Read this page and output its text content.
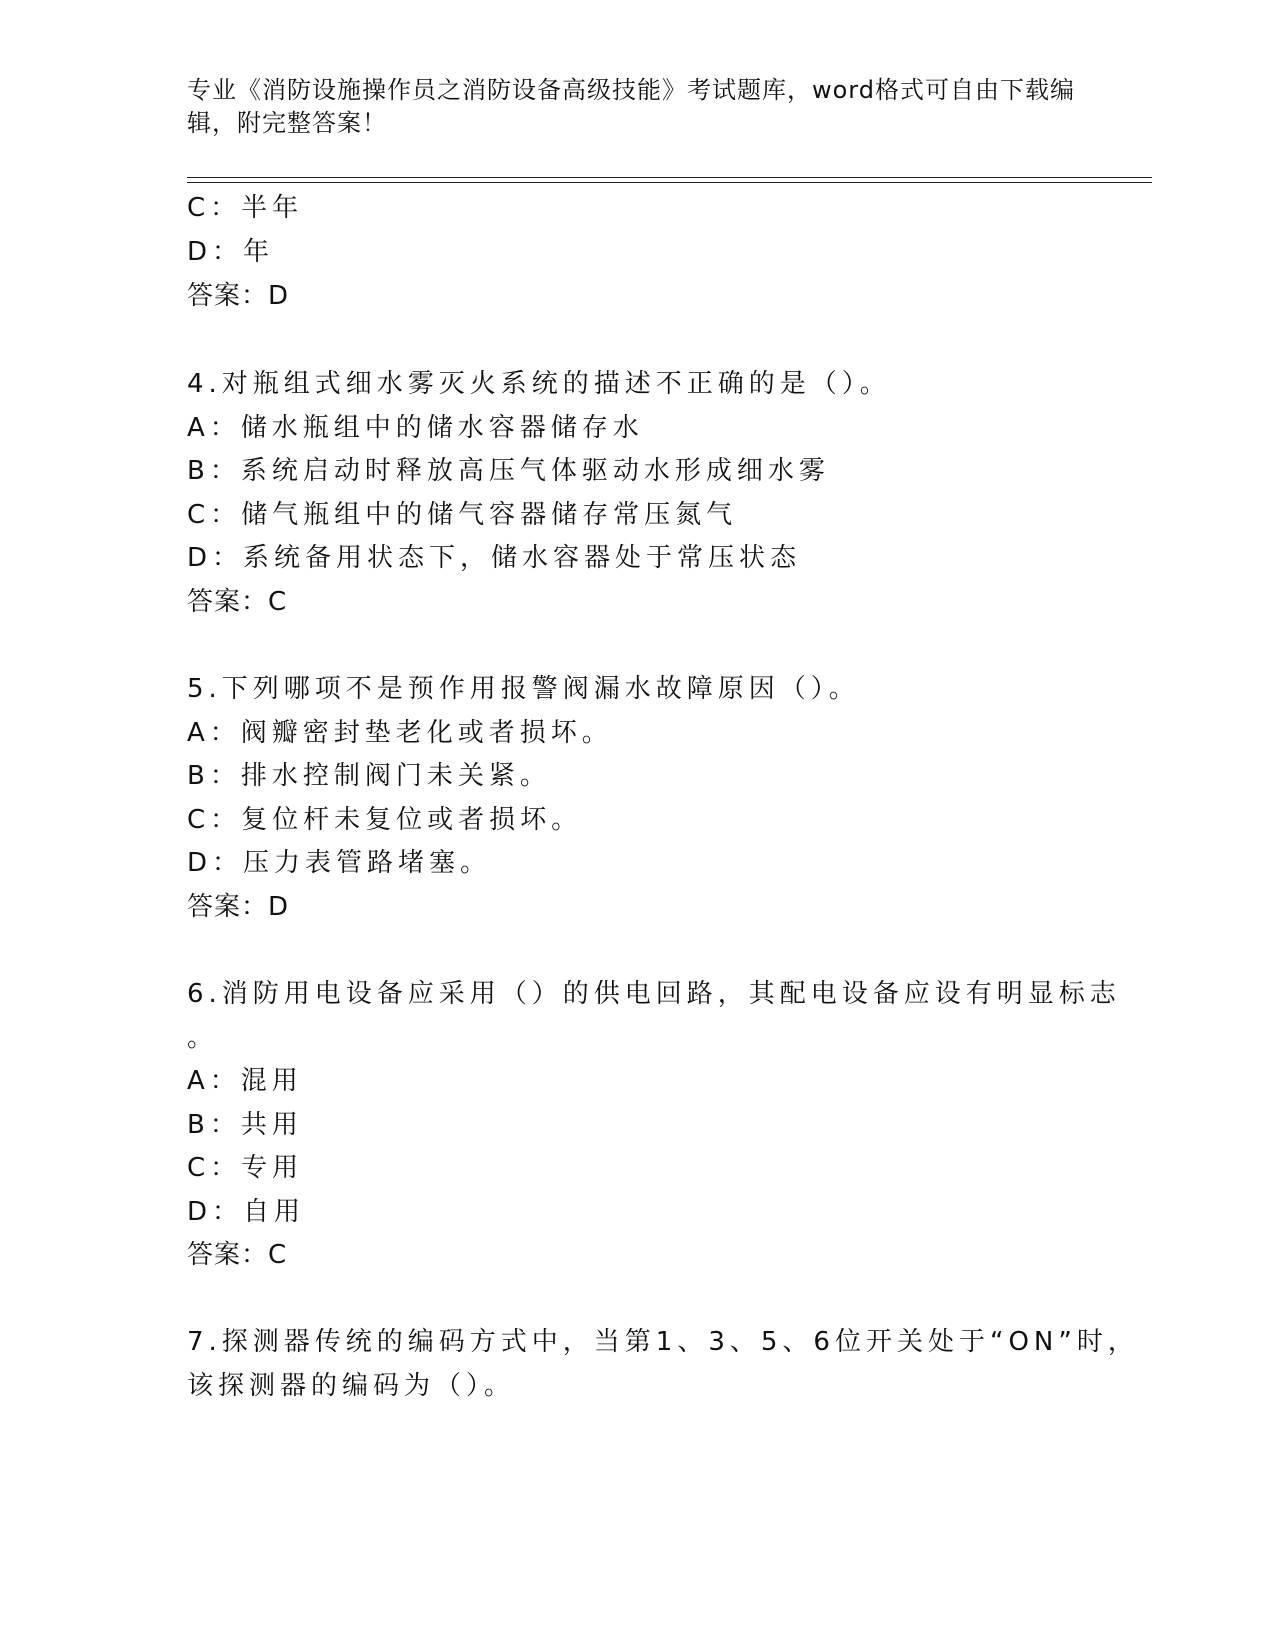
专业《消防设施操作员之消防设备高级技能》考试题库，word格式可自由下载编
辑，附完整答案！
C：半年
D：年
答案：D
4.对瓶组式细水雾灭火系统的描述不正确的是（）。
A：储水瓶组中的储水容器储存水
B：系统启动时释放高压气体驱动水形成细水雾
C：储气瓶组中的储气容器储存常压氮气
D：系统备用状态下，储水容器处于常压状态
答案：C
5.下列哪项不是预作用报警阀漏水故障原因（）。
A：阀瓣密封垫老化或者损坏。
B：排水控制阀门未关紧。
C：复位杆未复位或者损坏。
D：压力表管路堵塞。
答案：D
6.消防用电设备应采用（）的供电回路，其配电设备应设有明显标志
。
A：混用
B：共用
C：专用
D：自用
答案：C
7.探测器传统的编码方式中，当第1、3、5、6位开关处于“ON”时，
该探测器的编码为（）。
